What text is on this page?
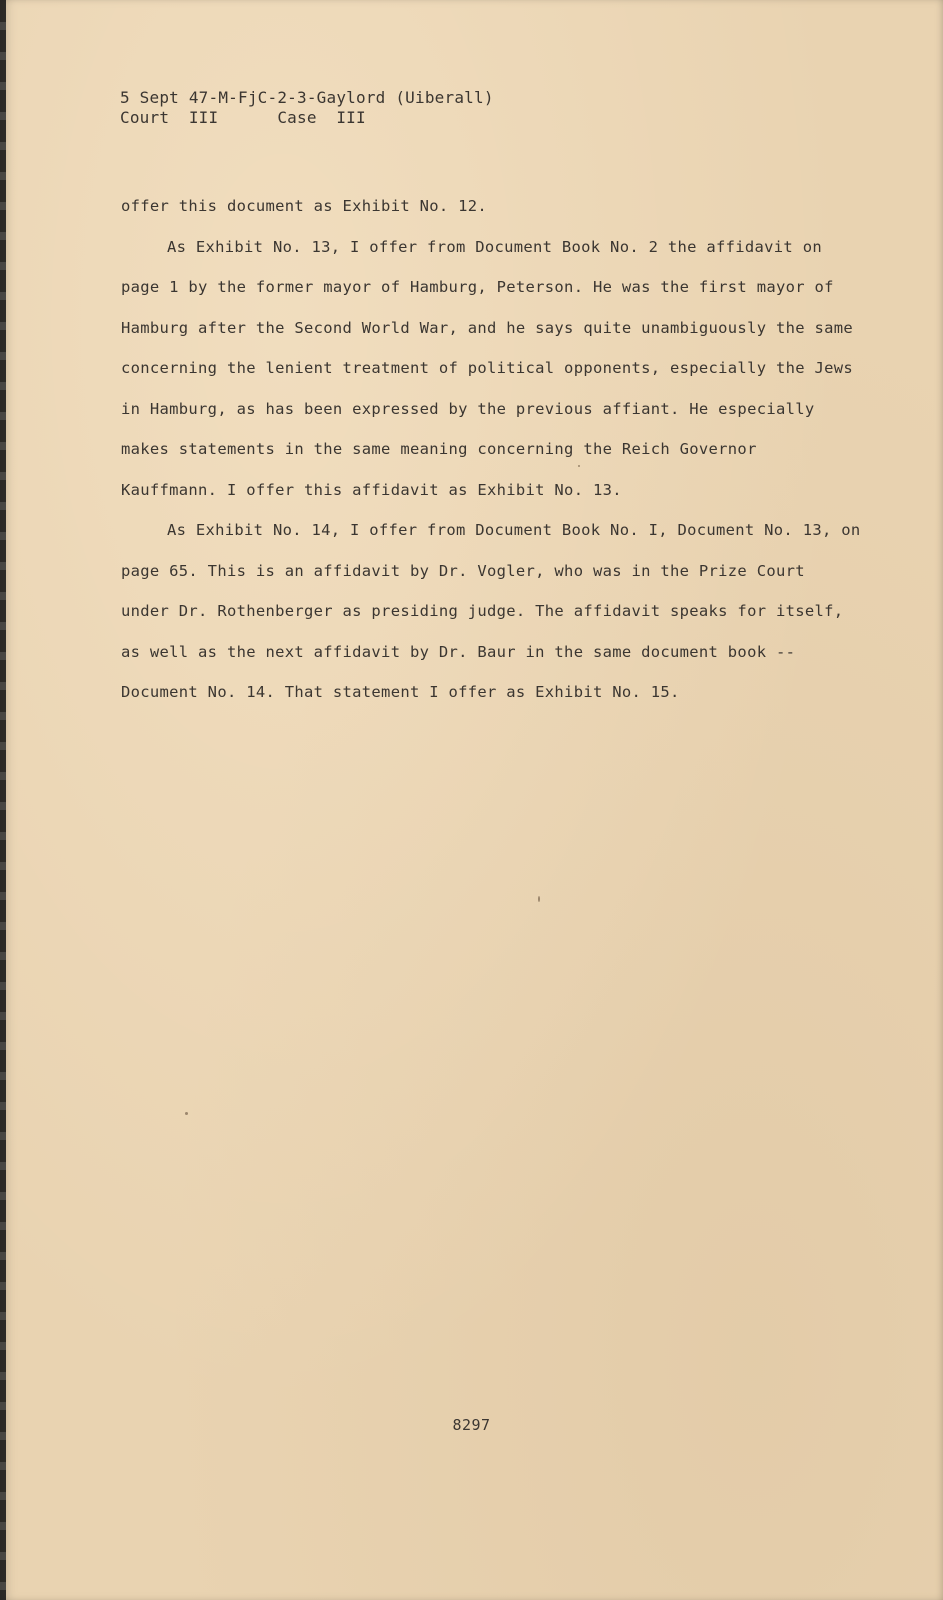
5 Sept 47-M-FjC-2-3-Gaylord (Uiberall)
Court  III      Case  III

offer this document as Exhibit No. 12.

As Exhibit No. 13, I offer from Document Book No. 2 the affidavit on page 1 by the former mayor of Hamburg, Peterson. He was the first mayor of Hamburg after the Second World War, and he says quite unambiguously the same concerning the lenient treatment of political opponents, especially the Jews in Hamburg, as has been expressed by the previous affiant. He especially makes statements in the same meaning concerning the Reich Governor Kauffmann. I offer this affidavit as Exhibit No. 13.

As Exhibit No. 14, I offer from Document Book No. I, Document No. 13, on page 65. This is an affidavit by Dr. Vogler, who was in the Prize Court under Dr. Rothenberger as presiding judge. The affidavit speaks for itself, as well as the next affidavit by Dr. Baur in the same document book -- Document No. 14. That statement I offer as Exhibit No. 15.

8297
